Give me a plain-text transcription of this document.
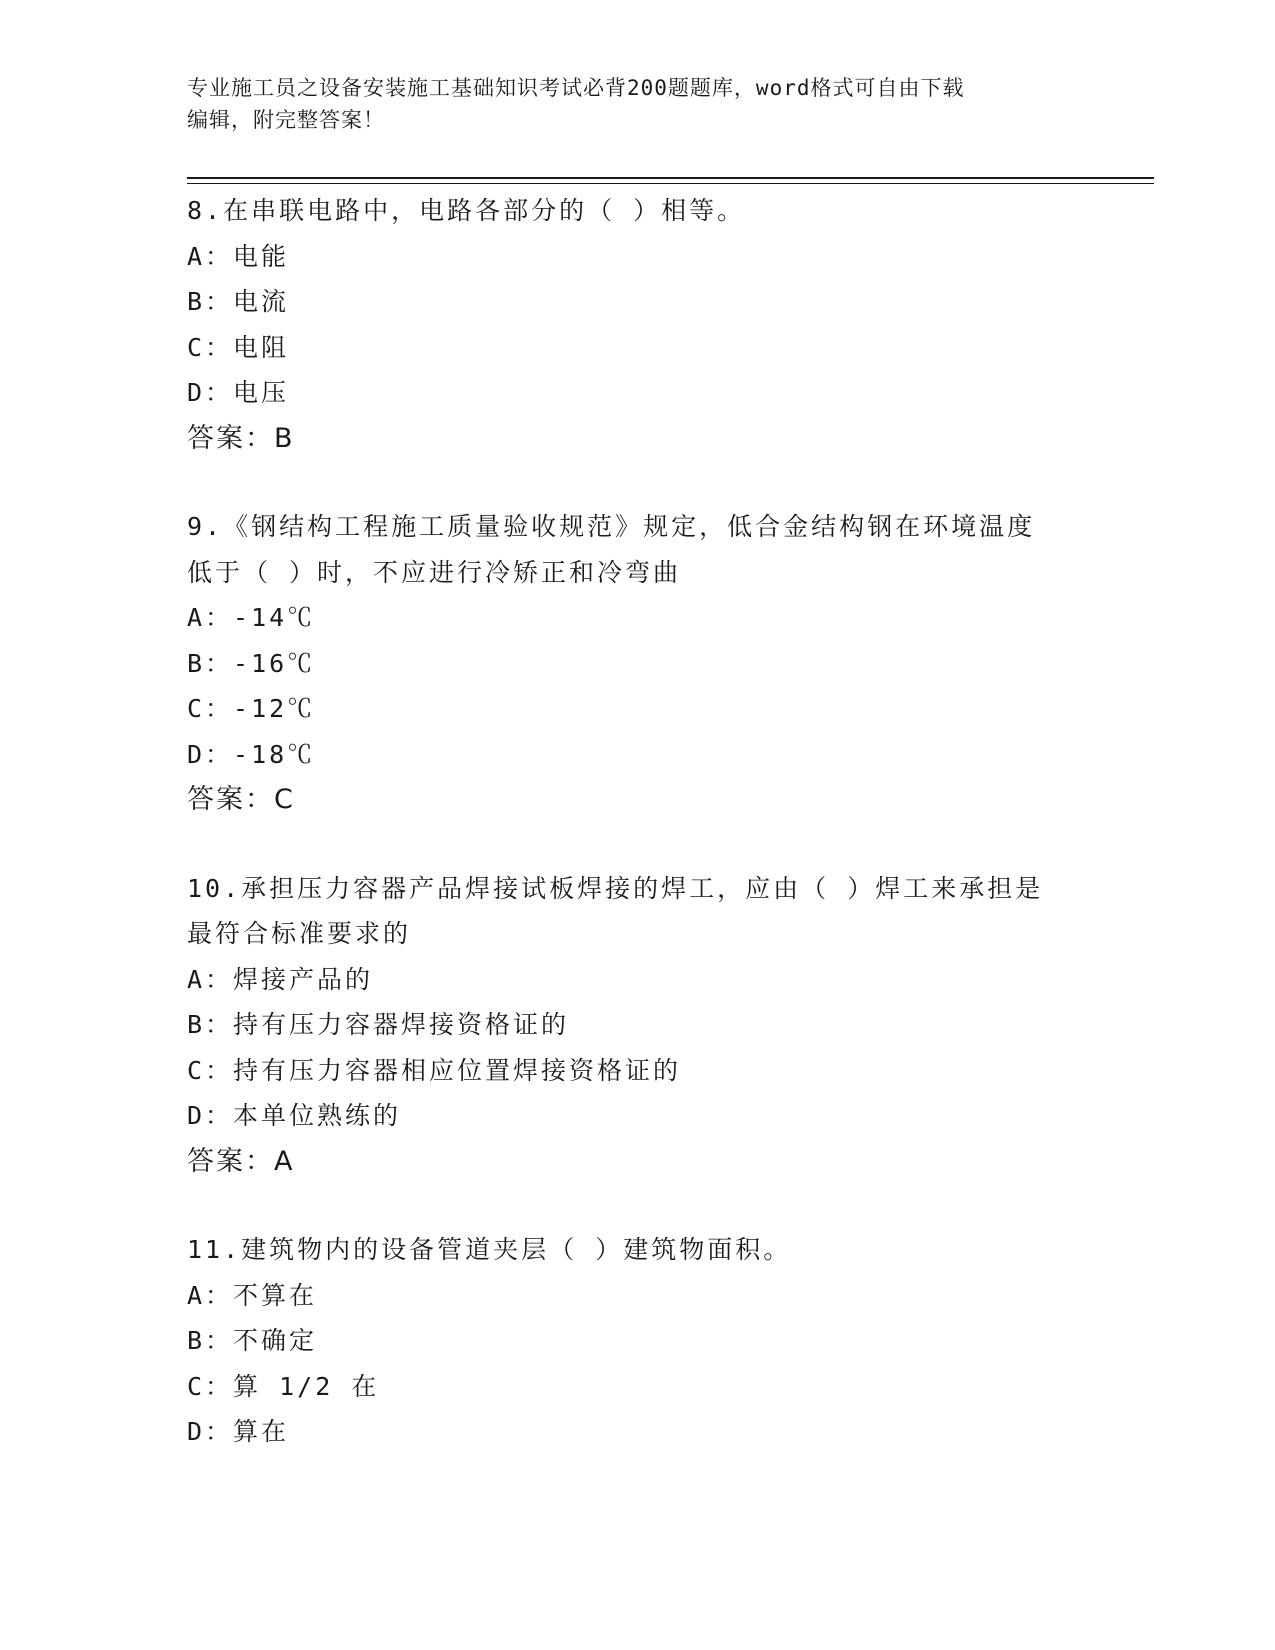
专业施工员之设备安装施工基础知识考试必背200题题库，word格式可自由下载
编辑，附完整答案！
8.在串联电路中，电路各部分的（ ）相等。
A：电能
B：电流
C：电阻
D：电压
答案：B
9.《钢结构工程施工质量验收规范》规定，低合金结构钢在环境温度
低于（ ）时，不应进行冷矫正和冷弯曲
A：-14℃
B：-16℃
C：-12℃
D：-18℃
答案：C
10.承担压力容器产品焊接试板焊接的焊工，应由（ ）焊工来承担是
最符合标准要求的
A：焊接产品的
B：持有压力容器焊接资格证的
C：持有压力容器相应位置焊接资格证的
D：本单位熟练的
答案：A
11.建筑物内的设备管道夹层（ ）建筑物面积。
A：不算在
B：不确定
C：算 1/2 在
D：算在
